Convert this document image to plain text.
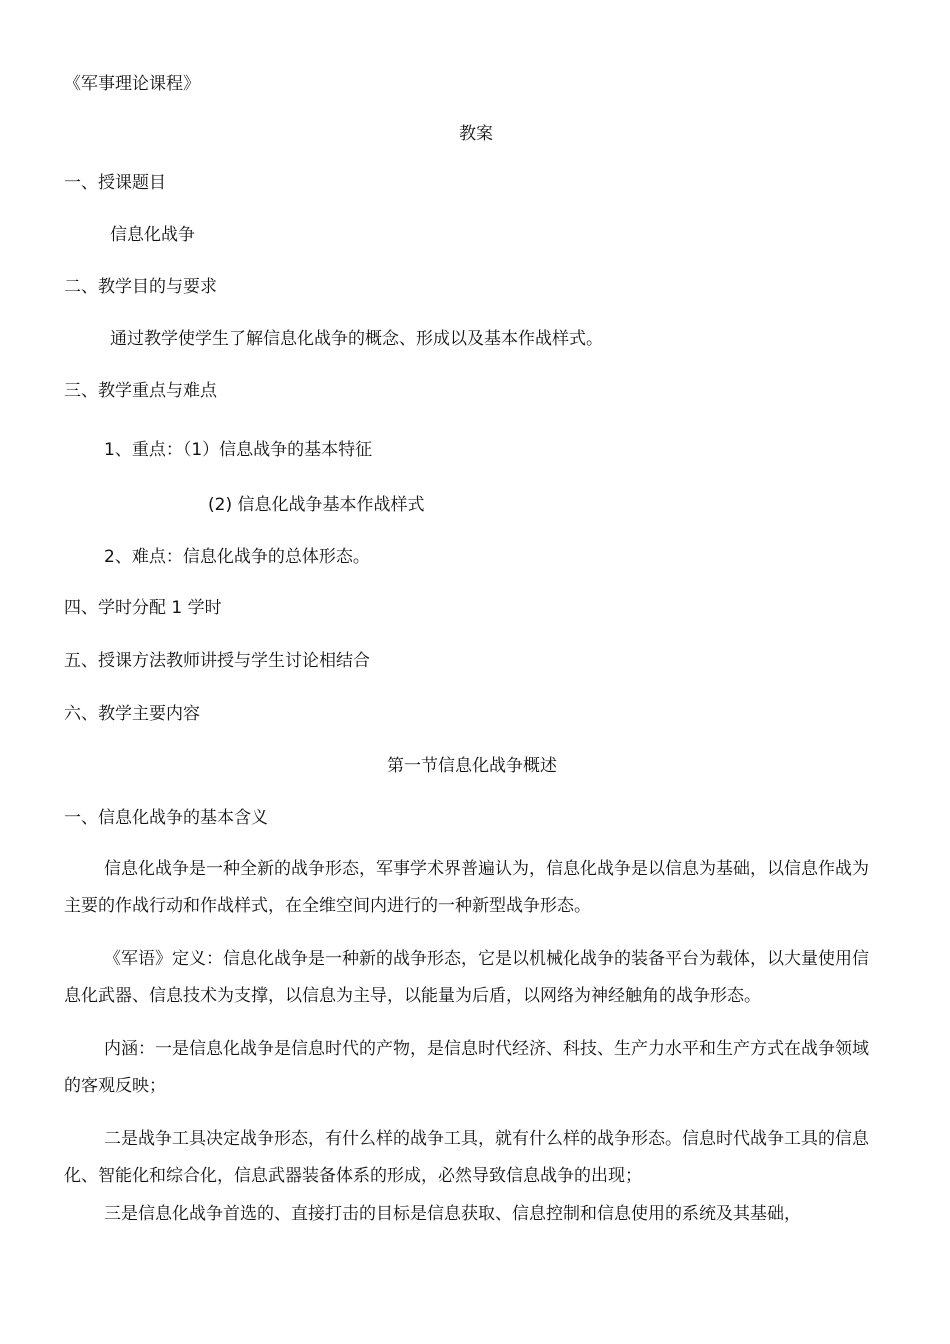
《军事理论课程》
教案
一、授课题目
信息化战争
二、教学目的与要求
通过教学使学生了解信息化战争的概念、形成以及基本作战样式。
三、教学重点与难点
1、重点：（1）信息战争的基本特征
(2) 信息化战争基本作战样式
2、难点：信息化战争的总体形态。
四、学时分配 1 学时
五、授课方法教师讲授与学生讨论相结合
六、教学主要内容
第一节信息化战争概述
一、信息化战争的基本含义
信息化战争是一种全新的战争形态，军事学术界普遍认为，信息化战争是以信息为基础，以信息作战为主要的作战行动和作战样式，在全维空间内进行的一种新型战争形态。
《军语》定义：信息化战争是一种新的战争形态，它是以机械化战争的装备平台为载体，以大量使用信息化武器、信息技术为支撑，以信息为主导，以能量为后盾，以网络为神经触角的战争形态。
内涵：一是信息化战争是信息时代的产物，是信息时代经济、科技、生产力水平和生产方式在战争领域的客观反映；
二是战争工具决定战争形态，有什么样的战争工具，就有什么样的战争形态。信息时代战争工具的信息化、智能化和综合化，信息武器装备体系的形成，必然导致信息战争的出现；
三是信息化战争首选的、直接打击的目标是信息获取、信息控制和信息使用的系统及其基础，
